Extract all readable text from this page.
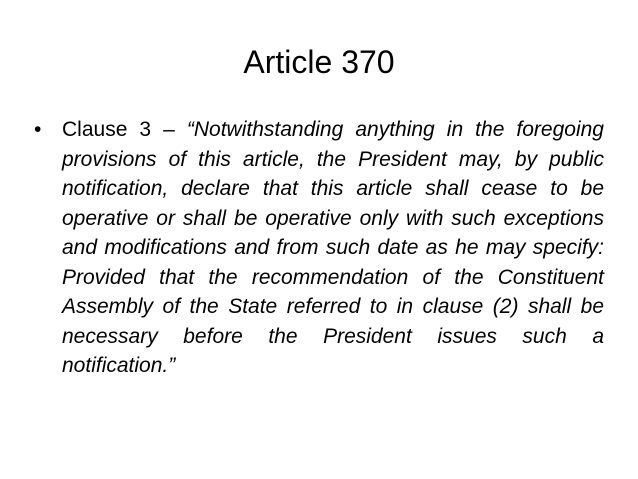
Article 370
• Clause 3 – “Notwithstanding anything in the foregoing provisions of this article, the President may, by public notification, declare that this article shall cease to be operative or shall be operative only with such exceptions and modifications and from such date as he may specify: Provided that the recommendation of the Constituent Assembly of the State referred to in clause (2) shall be necessary before the President issues such a notification.”
